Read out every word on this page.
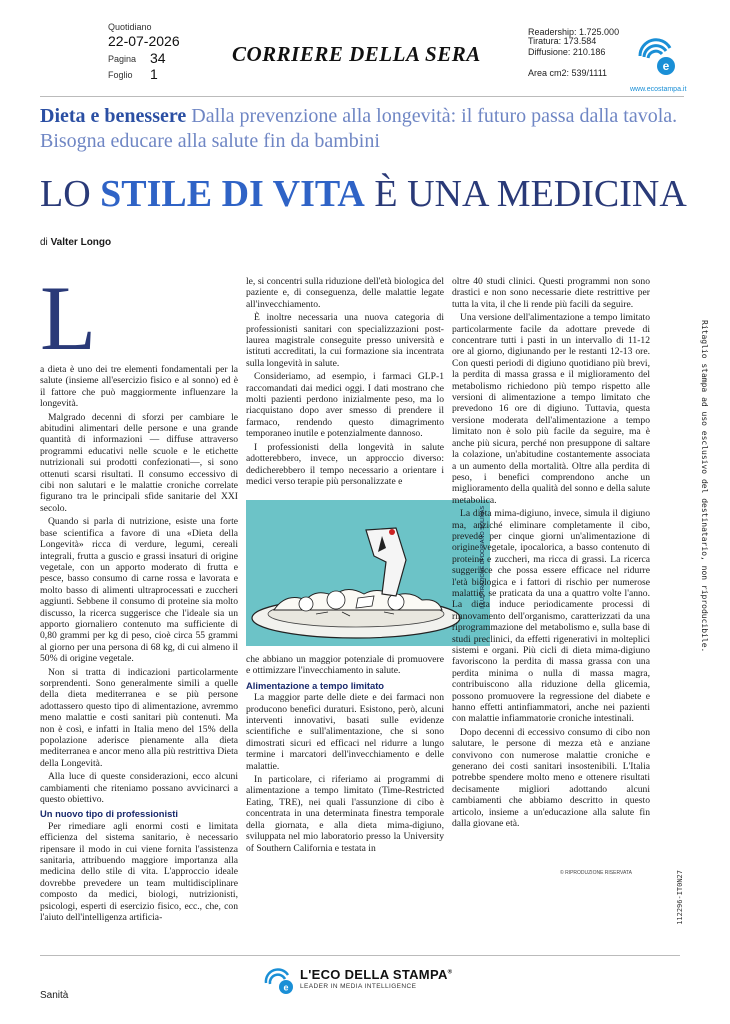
Quotidiano
22-07-2026
Pagina 34
Foglio 1
CORRIERE DELLA SERA
Readership: 1.725.000
Tiratura: 173.584
Diffusione: 210.186
Area cm2: 539/1111	e
www.ecostampa.it
Dieta e benessere Dalla prevenzione alla longevità: il futuro passa dalla tavola. Bisogna educare alla salute fin da bambini
LO STILE DI VITA È UNA MEDICINA
di Valter Longo
L

a dieta è uno dei tre elementi fondamentali per la salute (insieme all'esercizio fisico e al sonno) ed è il fattore che può maggiormente influenzare la longevità.

Malgrado decenni di sforzi per cambiare le abitudini alimentari delle persone e una grande quantità di informazioni — diffuse attraverso programmi educativi nelle scuole e le etichette nutrizionali sui prodotti confezionati—, si sono ottenuti scarsi risultati. Il consumo eccessivo di cibi non salutari e le malattie croniche correlate figurano tra le principali sfide sanitarie del XXI secolo.

Quando si parla di nutrizione, esiste una forte base scientifica a favore di una «Dieta della Longevità» ricca di verdure, legumi, cereali integrali, frutta a guscio e grassi insaturi di origine vegetale, con un apporto moderato di frutta e pesce, basso consumo di carne rossa e lavorata e molto basso di alimenti ultraprocessati e zuccheri aggiunti. Sebbene il consumo di proteine sia molto discusso, la ricerca suggerisce che l'ideale sia un apporto giornaliero contenuto ma sufficiente di 0,80 grammi per kg di peso, cioè circa 55 grammi al giorno per una persona di 68 kg, di cui almeno il 50% di origine vegetale.

Non si tratta di indicazioni particolarmente sorprendenti. Sono generalmente simili a quelle della dieta mediterranea e se più persone adottassero questo tipo di alimentazione, avremmo meno malattie e costi sanitari più contenuti. Ma non è così, e infatti in Italia meno del 15% della popolazione aderisce pienamente alla dieta mediterranea e ancor meno alla più restrittiva Dieta della Longevità.

Alla luce di queste considerazioni, ecco alcuni cambiamenti che riteniamo possano avvicinarci a questo obiettivo.

Un nuovo tipo di professionisti

Per rimediare agli enormi costi e limitata efficienza del sistema sanitario, è necessario ripensare il modo in cui viene fornita l'assistenza sanitaria, attribuendo maggiore importanza alla medicina dello stile di vita. L'approccio ideale dovrebbe prevedere un team multidisciplinare composto da medici, biologi, nutrizionisti, psicologi, esperti di esercizio fisico, ecc., che, con l'aiuto dell'intelligenza artificia-

le, si concentri sulla riduzione dell'età biologica del paziente e, di conseguenza, delle malattie legate all'invecchiamento.

È inoltre necessaria una nuova categoria di professionisti sanitari con specializzazioni post-laurea magistrale conseguite presso università e istituti accreditati, la cui formazione sia incentrata sulla longevità in salute.

Consideriamo, ad esempio, i farmaci GLP-1 raccomandati dai medici oggi. I dati mostrano che molti pazienti perdono inizialmente peso, ma lo riacquistano dopo aver smesso di prendere il farmaco, rendendo questo dimagrimento temporaneo inutile e potenzialmente dannoso.

I professionisti della longevità in salute adotterebbero, invece, un approccio diverso: dedicherebbero il tempo necessario a orientare i medici verso terapie più personalizzate e

ILLUSTRAZIONE DI DORIANO SOLINAS

che abbiano un maggior potenziale di promuovere e ottimizzare l'invecchiamento in salute.

Alimentazione a tempo limitato

La maggior parte delle diete e dei farmaci non producono benefici duraturi. Esistono, però, alcuni interventi innovativi, basati sulle evidenze scientifiche e sull'alimentazione, che si sono dimostrati sicuri ed efficaci nel ridurre a lungo termine i marcatori dell'invecchiamento e delle malattie.

In particolare, ci riferiamo ai programmi di alimentazione a tempo limitato (Time-Restricted Eating, TRE), nei quali l'assunzione di cibo è concentrata in una determinata finestra temporale della giornata, e alla dieta mima-digiuno, sviluppata nel mio laboratorio presso la University of Southern California e testata in

oltre 40 studi clinici. Questi programmi non sono drastici e non sono necessarie diete restrittive per tutta la vita, il che li rende più facili da seguire.

Una versione dell'alimentazione a tempo limitato particolarmente facile da adottare prevede di concentrare tutti i pasti in un intervallo di 11-12 ore al giorno, digiunando per le restanti 12-13 ore. Con questi periodi di digiuno quotidiano più brevi, la perdita di massa grassa e il miglioramento del metabolismo richiedono più tempo rispetto alle versioni di alimentazione a tempo limitato che prevedono 16 ore di digiuno. Tuttavia, questa versione moderata dell'alimentazione a tempo limitato non è solo più facile da seguire, ma è anche più sicura, perché non presuppone di saltare la colazione, un'abitudine costantemente associata a un aumento della mortalità. Oltre alla perdita di peso, i benefici comprendono anche un miglioramento della qualità del sonno e della salute metabolica.

La dieta mima-digiuno, invece, simula il digiuno ma, anziché eliminare completamente il cibo, prevede per cinque giorni un'alimentazione di origine vegetale, ipocalorica, a basso contenuto di proteine e zuccheri, ma ricca di grassi. La ricerca suggerisce che possa essere efficace nel ridurre l'età biologica e i fattori di rischio per numerose malattie, se praticata da una a quattro volte l'anno. La dieta induce periodicamente processi di rinnovamento dell'organismo, caratterizzati da una riprogrammazione del metabolismo e, sulla base di studi preclinici, da effetti rigenerativi in molteplici sistemi e organi. Più cicli di dieta mima-digiuno favoriscono la perdita di massa grassa con una perdita minima o nulla di massa magra, contribuiscono alla riduzione della glicemia, possono promuovere la regressione del diabete e hanno effetti antinfiammatori, anche nei pazienti con malattie infiammatorie croniche intestinali.

Dopo decenni di eccessivo consumo di cibo non salutare, le persone di mezza età e anziane convivono con numerose malattie croniche e generano dei costi sanitari insostenibili. L'Italia potrebbe spendere molto meno e ottenere risultati decisamente migliori adottando alcuni cambiamenti che abbiamo descritto in questo articolo, insieme a un'educazione alla salute fin dalla giovane età.

© RIPRODUZIONE RISERVATA
Ritaglio stampa ad uso esclusivo del destinatario, non riproducibile.
112296-IT0N27
e
L'ECO DELLA STAMPA®
LEADER IN MEDIA INTELLIGENCE
Sanità
